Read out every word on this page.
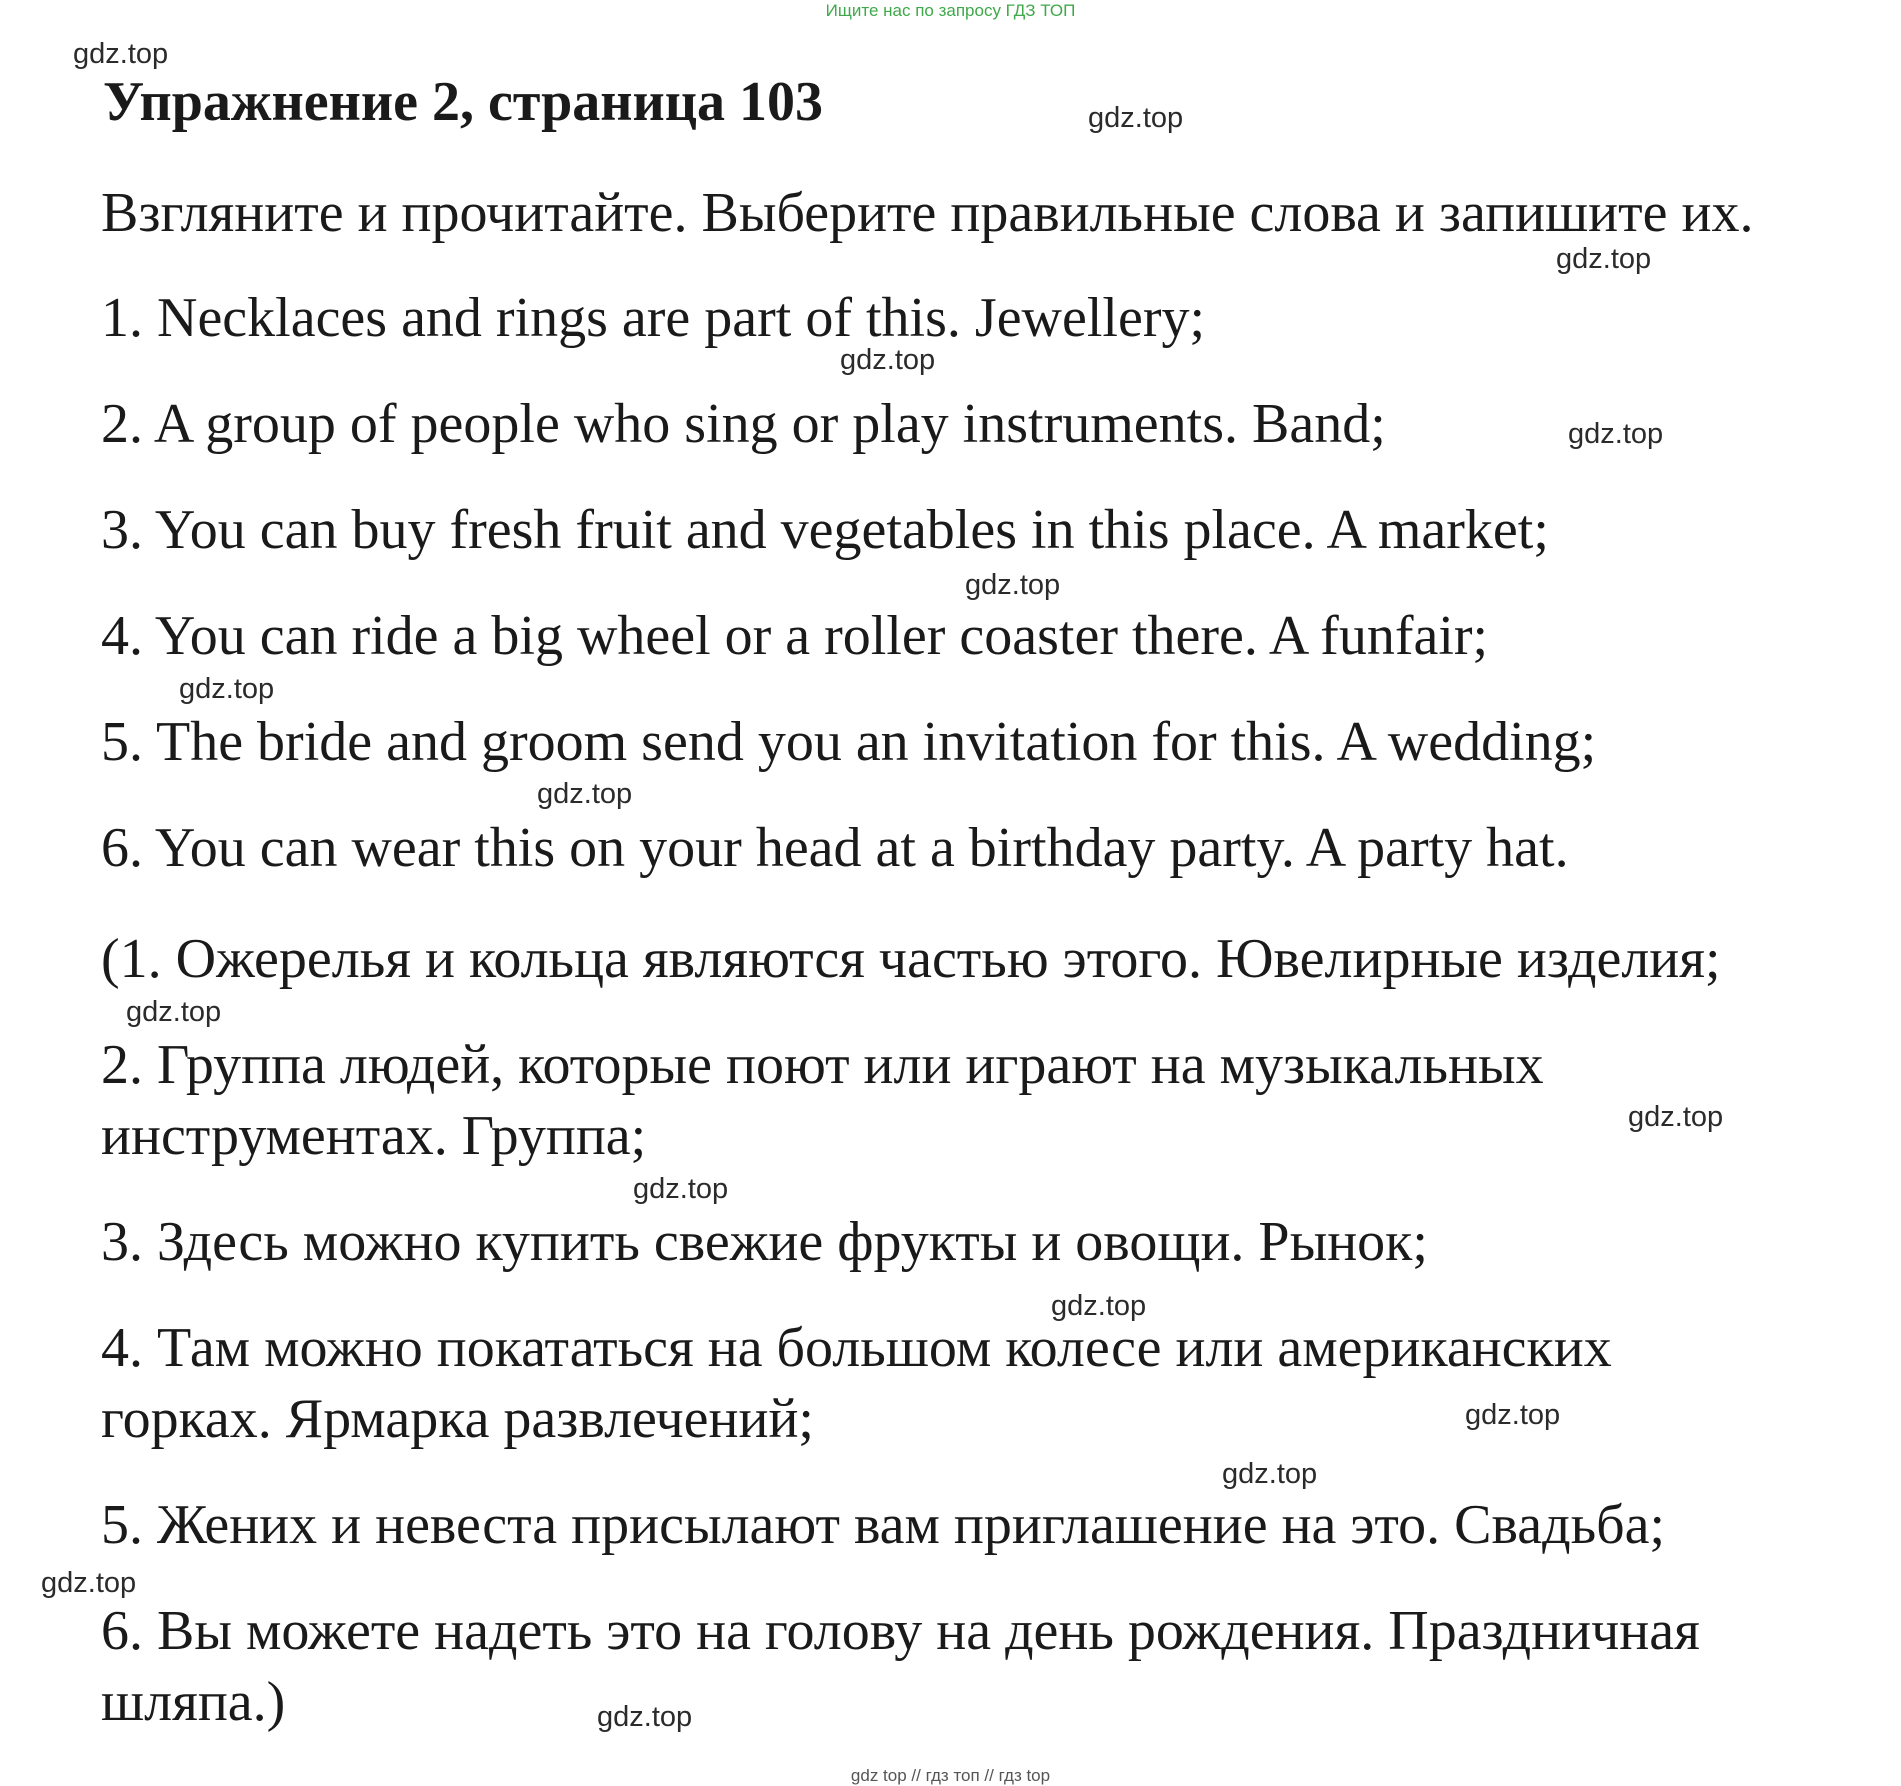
Ищите нас по запросу ГДЗ ТОП
gdz.top
Упражнение 2, страница 103	gdz.top

Взгляните и прочитайте. Выберите правильные слова и запишите их.

gdz.top

1. Necklaces and rings are part of this. Jewellery;

gdz.top

2. A group of people who sing or play instruments. Band;	gdz.top

3. You can buy fresh fruit and vegetables in this place. A market;

gdz.top

4. You can ride a big wheel or a roller coaster there. A funfair;

gdz.top

5. The bride and groom send you an invitation for this. A wedding;

gdz.top

6. You can wear this on your head at a birthday party. A party hat.

(1. Ожерелья и кольца являются частью этого. Ювелирные изделия;

gdz.top

2. Группа людей, которые поют или играют на музыкальных

инструментах. Группа;	gdz.top
gdz.top

3. Здесь можно купить свежие фрукты и овощи. Рынок;

gdz.top

4. Там можно покататься на большом колесе или американских

горках. Ярмарка развлечений;	gdz.top
gdz.top

5. Жених и невеста присылают вам приглашение на это. Свадьба;

gdz.top

6. Вы можете надеть это на голову на день рождения. Праздничная

шляпа.)	gdz.top
gdz top // гдз топ // гдз top
